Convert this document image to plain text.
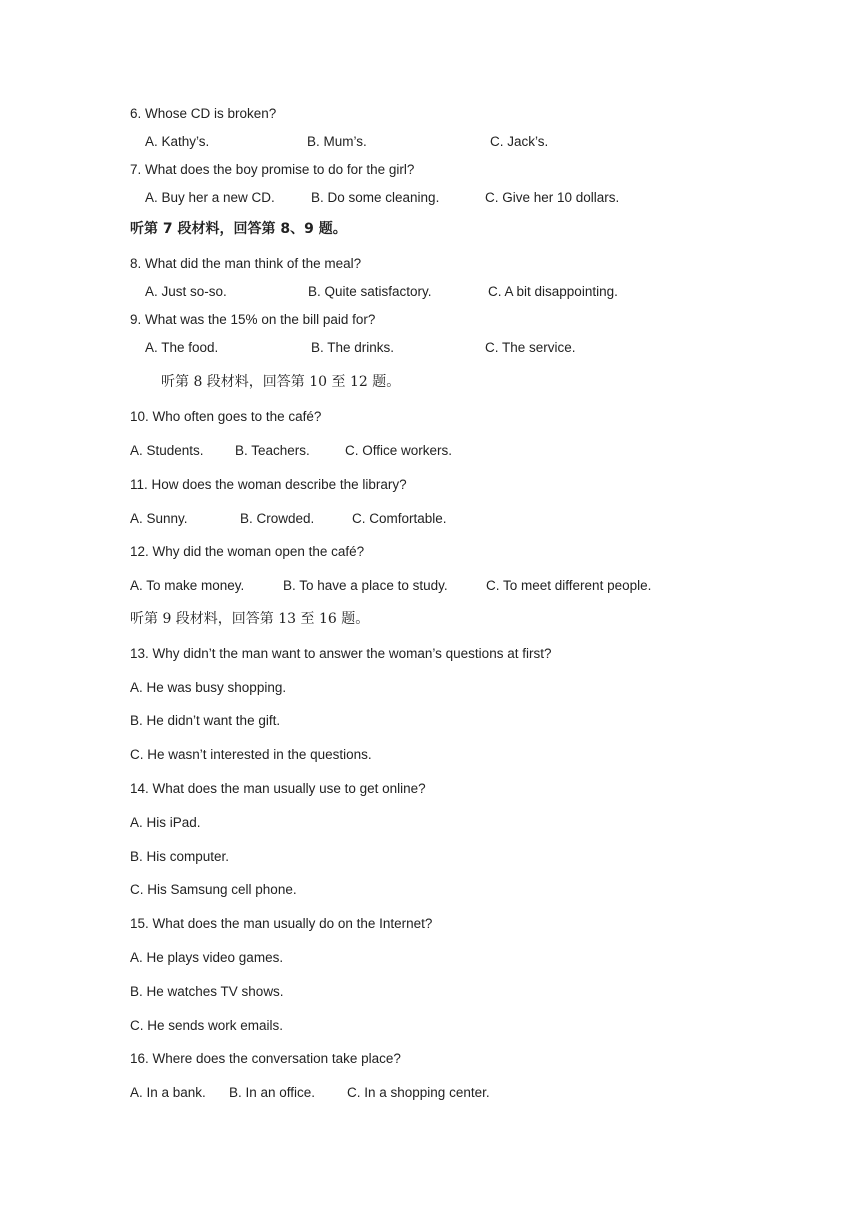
6. Whose CD is broken?
A. Kathy’s.	B. Mum’s.	C. Jack’s.
7. What does the boy promise to do for the girl?
A. Buy her a new CD.	B. Do some cleaning.	C. Give her 10 dollars.
听第 7 段材料，回答第 8、9 题。
8. What did the man think of the meal?
A. Just so-so.	B. Quite satisfactory.	C. A bit disappointing.
9. What was the 15% on the bill paid for?
A. The food.	B. The drinks.	C. The service.
听第 8 段材料，回答第 10 至 12 题。
10. Who often goes to the café?
A. Students. B. Teachers.	C. Office workers.
11. How does the woman describe the library?
A. Sunny.	B. Crowded.	C. Comfortable.
12. Why did the woman open the café?
A. To make money.	B. To have a place to study.	C. To meet different people.
听第 9 段材料，回答第 13 至 16 题。
13. Why didn’t the man want to answer the woman’s questions at first?
A. He was busy shopping.
B. He didn’t want the gift.
C. He wasn’t interested in the questions.
14. What does the man usually use to get online?
A. His iPad.
B. His computer.
C. His Samsung cell phone.
15. What does the man usually do on the Internet?
A. He plays video games.
B. He watches TV shows.
C. He sends work emails.
16. Where does the conversation take place?
A. In a bank. B. In an office. C. In a shopping center.
